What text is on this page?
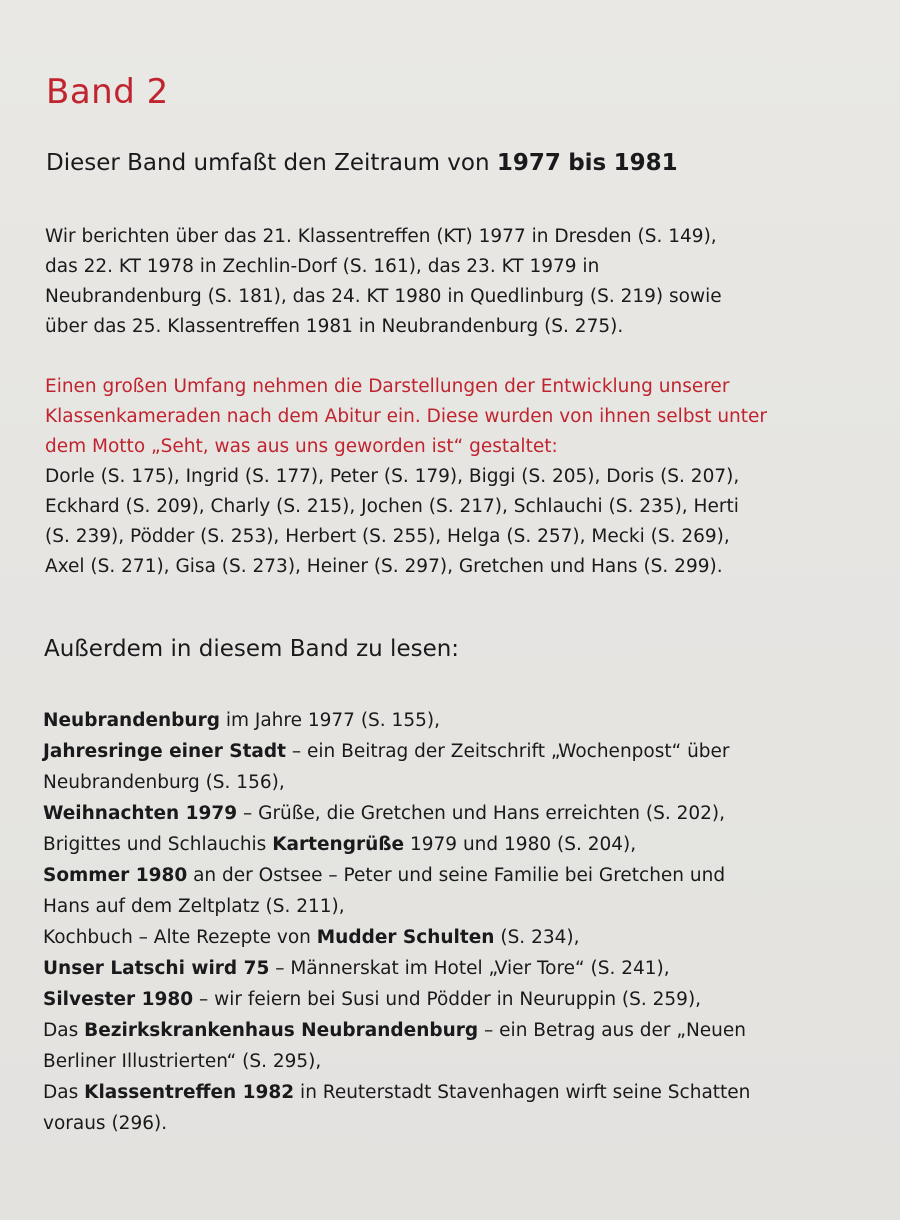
Band 2
Dieser Band umfaßt den Zeitraum von 1977 bis 1981
Wir berichten über das 21. Klassentreffen (KT) 1977 in Dresden (S. 149),
das 22. KT 1978 in Zechlin-Dorf (S. 161), das 23. KT 1979 in
Neubrandenburg (S. 181), das 24. KT 1980 in Quedlinburg (S. 219) sowie
über das 25. Klassentreffen 1981 in Neubrandenburg (S. 275).
Einen großen Umfang nehmen die Darstellungen der Entwicklung unserer
Klassenkameraden nach dem Abitur ein. Diese wurden von ihnen selbst unter
dem Motto „Seht, was aus uns geworden ist“ gestaltet:
Dorle (S. 175), Ingrid (S. 177), Peter (S. 179), Biggi (S. 205), Doris (S. 207),
Eckhard (S. 209), Charly (S. 215), Jochen (S. 217), Schlauchi (S. 235), Herti
(S. 239), Pödder (S. 253), Herbert (S. 255), Helga (S. 257), Mecki (S. 269),
Axel (S. 271), Gisa (S. 273), Heiner (S. 297), Gretchen und Hans (S. 299).
Außerdem in diesem Band zu lesen:
Neubrandenburg im Jahre 1977 (S. 155),
Jahresringe einer Stadt – ein Beitrag der Zeitschrift „Wochenpost“ über
Neubrandenburg (S. 156),
Weihnachten 1979 – Grüße, die Gretchen und Hans erreichten (S. 202),
Brigittes und Schlauchis Kartengrüße 1979 und 1980 (S. 204),
Sommer 1980 an der Ostsee – Peter und seine Familie bei Gretchen und
Hans auf dem Zeltplatz (S. 211),
Kochbuch – Alte Rezepte von Mudder Schulten (S. 234),
Unser Latschi wird 75 – Männerskat im Hotel „Vier Tore“ (S. 241),
Silvester 1980 – wir feiern bei Susi und Pödder in Neuruppin (S. 259),
Das Bezirkskrankenhaus Neubrandenburg – ein Betrag aus der „Neuen
Berliner Illustrierten“ (S. 295),
Das Klassentreffen 1982 in Reuterstadt Stavenhagen wirft seine Schatten
voraus (296).
